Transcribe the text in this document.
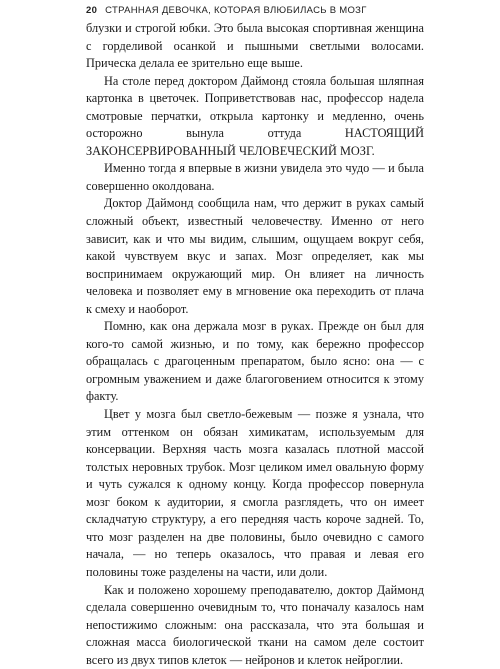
20 СТРАННАЯ ДЕВОЧКА, КОТОРАЯ ВЛЮБИЛАСЬ В МОЗГ

блузки и строгой юбки. Это была высокая спортивная женщина с горделивой осанкой и пышными светлыми волосами. Прическа делала ее зрительно еще выше.

На столе перед доктором Даймонд стояла большая шляпная картонка в цветочек. Поприветствовав нас, профессор надела смотровые перчатки, открыла картонку и медленно, очень осторожно вынула оттуда НАСТОЯЩИЙ ЗАКОНСЕРВИРОВАННЫЙ ЧЕЛОВЕЧЕСКИЙ МОЗГ.

Именно тогда я впервые в жизни увидела это чудо — и была совершенно околдована.

Доктор Даймонд сообщила нам, что держит в руках самый сложный объект, известный человечеству. Именно от него зависит, как и что мы видим, слышим, ощущаем вокруг себя, какой чувствуем вкус и запах. Мозг определяет, как мы воспринимаем окружающий мир. Он влияет на личность человека и позволяет ему в мгновение ока переходить от плача к смеху и наоборот.

Помню, как она держала мозг в руках. Прежде он был для кого-то самой жизнью, и по тому, как бережно профессор обращалась с драгоценным препаратом, было ясно: она — с огромным уважением и даже благоговением относится к этому факту.

Цвет у мозга был светло-бежевым — позже я узнала, что этим оттенком он обязан химикатам, используемым для консервации. Верхняя часть мозга казалась плотной массой толстых неровных трубок. Мозг целиком имел овальную форму и чуть сужался к одному концу. Когда профессор повернула мозг боком к аудитории, я смогла разглядеть, что он имеет складчатую структуру, а его передняя часть короче задней. То, что мозг разделен на две половины, было очевидно с самого начала, — но теперь оказалось, что правая и левая его половины тоже разделены на части, или доли.

Как и положено хорошему преподавателю, доктор Даймонд сделала совершенно очевидным то, что поначалу казалось нам непостижимо сложным: она рассказала, что эта большая и сложная масса биологической ткани на самом деле состоит всего из двух типов клеток — нейронов и клеток нейроглии.
